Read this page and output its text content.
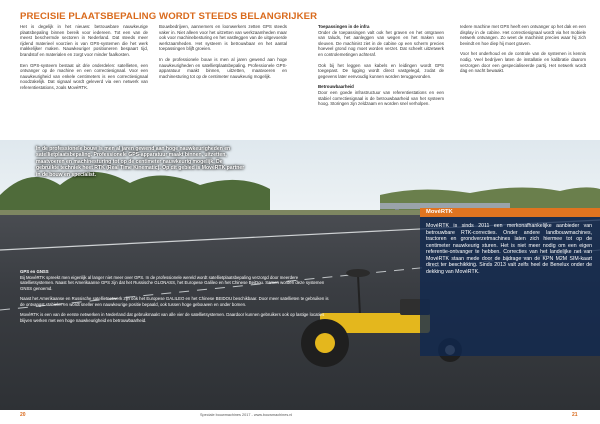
PRECISIE PLAATSBEPALING WORDT STEEDS BELANGRIJKER

Het is degelijk in het nieuws: betrouwbare nauwkeurige plaatsbepaling binnen bereik voor iedereen. Tot een van de meest beschermde sectoren in Nederland. Dat steeds meer rijdend materieel voorzien is van GPS-systemen die het werk makkelijker maken. Nauwkeuriger positioneren bespaart tijd, brandstof en materialen en zorgt voor minder faalkosten.

Een GPS-systeem bestaat uit drie onderdelen: satellieten, een ontvanger op de machine en een correctiesignaal. Voor een nauwkeurigheid van enkele centimeters is een correctiesignaal noodzakelijk. Dat signaal wordt geleverd via een netwerk van referentiestations, zoals MovéRTK.

Bouwbedrijven, aannemers en loonwerkers zetten GPS steeds vaker in. Niet alleen voor het uitzetten van werkzaamheden maar ook voor machinebesturing en het vastleggen van de uitgevoerde werkzaamheden. Het systeem is betrouwbaar en het aantal toepassingen blijft groeien.

In de professionele bouw is men al jaren gewend aan hoge nauwkeurigheden en satellietplaatsbepaling. Professionele GPS-apparatuur maakt binnen, uitzetten, maatvoeren en machinesturing tot op de centimeter nauwkeurig mogelijk.

Toepassingen in de infra

Onder de toepassingen valt ook het graven en het ontgraven van taluds, het aanleggen van wegen en het maken van sleuven. De machinist ziet in de cabine op een scherm precies hoeveel grond nog moet worden verzet. Dat scheelt uitzetwerk en controlemetingen achteraf.

Ook bij het leggen van kabels en leidingen wordt GPS toegepast. De ligging wordt direct vastgelegd, zodat de gegevens later eenvoudig kunnen worden teruggevonden.

Betrouwbaarheid

Door een goede infrastructuur van referentiestations en een stabiel correctiesignaal is de betrouwbaarheid van het systeem hoog. Storingen zijn zeldzaam en worden snel verholpen.

Iedere machine met GPS heeft een ontvanger op het dak en een display in de cabine. Het correctiesignaal wordt via het mobiele netwerk ontvangen. Zo weet de machinist precies waar hij zich bevindt en hoe diep hij moet graven.

Voor het onderhoud en de controle van de systemen is kennis nodig. Veel bedrijven laten de installatie en kalibratie daarom verzorgen door een gespecialiseerde partij. Het netwerk wordt dag en nacht bewaakt.

In de professionele bouw is men al jaren gewend aan hoge nauwkeurigheden en satellietplaatsbepaling. Professionele GPS-apparatuur maakt binnen, uitzetten, maatvoeren en machinesturing tot op de centimeter nauwkeurig mogelijk. De gebruikte techniek heet RTK (Real Time Kinematic). Op dit gebied is MovéRTK partner in de bouw en specialist.
GPS en GNSS

Bij MovéRTK spreekt men eigenlijk al langer niet meer over GPS. In de professionele wereld wordt satellietplaatsbepaling verzorgd door meerdere satellietsystemen. Naast het Amerikaanse GPS zijn dat het Russische GLONASS, het Europese Galileo en het Chinese BeiDou. Samen worden deze systemen GNSS genoemd.

Naast het Amerikaanse en Russische satellietnetwerk zijn ook het Europese GALILEO en het Chinese BEIDOU beschikbaar. Door meer satellieten te gebruiken is de ontvangst stabieler en wordt sneller een nauwkeurige positie bepaald, ook tussen hoge gebouwen en onder bomen.

MovéRTK is een van de eerste netwerken in Nederland dat gebruikmaakt van alle vier de satellietsystemen. Daardoor kunnen gebruikers ook op lastige locaties blijven werken met een hoge nauwkeurigheid en betrouwbaarheid.

MovéRTK
MovéRTK is sinds 2011 een merkonafhankelijke aanbieder van betrouwbare RTK-correcties. Onder andere landbouwmachines, tractoren en grondverzetmachines laten zich hiermee tot op de centimeter nauwkeurig sturen. Het is niet meer nodig om een eigen referentie-ontvanger te hebben. Correcties van het landelijke net van MovéRTK staan mede door de bijdrage van de KPN M2M SIM-kaart direct ter beschikking. Sinds 2013 valt zelfs heel de Benelux onder de dekking van MovéRTK.
20	Speciale bouwmachines 2017 - www.bouwmachines.nl	21
